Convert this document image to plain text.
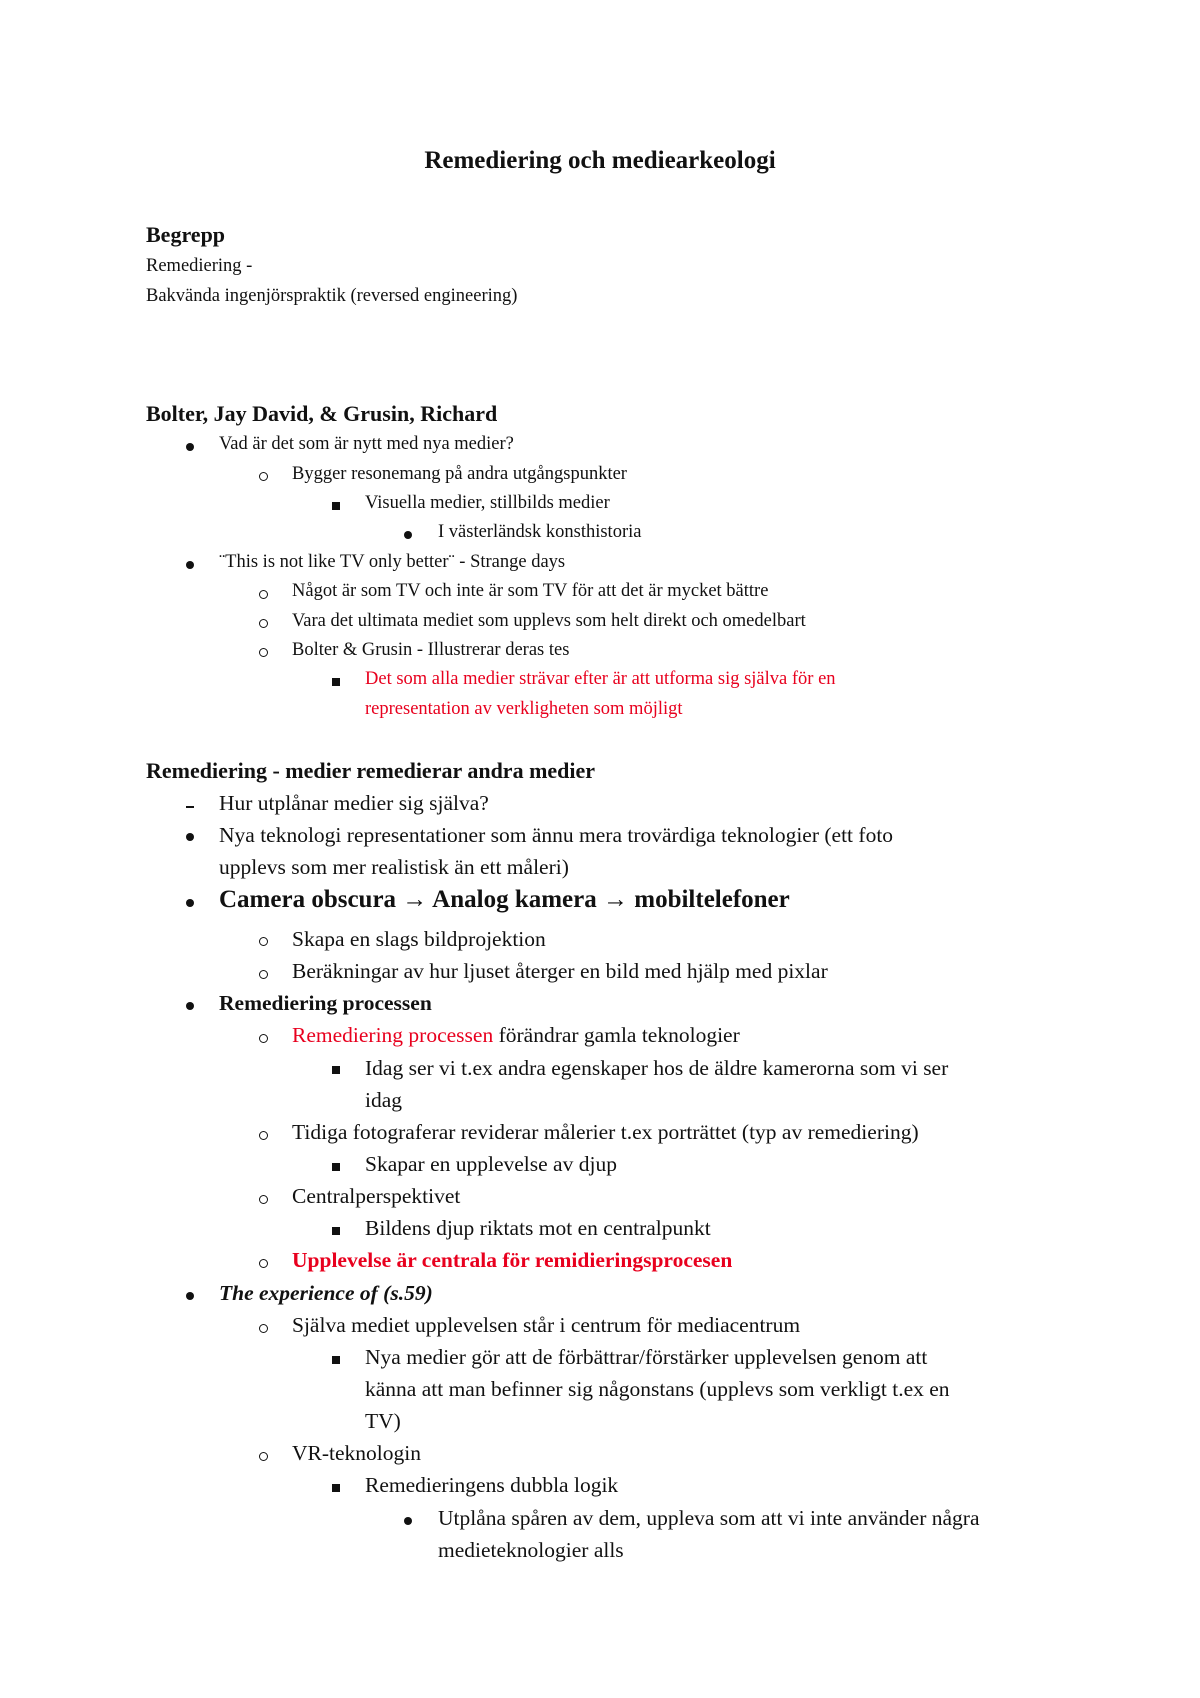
Remediering och mediearkeologi
Begrepp
Remediering -
Bakvända ingenjörspraktik (reversed engineering)
Bolter, Jay David, & Grusin, Richard
Vad är det som är nytt med nya medier?
Bygger resonemang på andra utgångspunkter
Visuella medier, stillbilds medier
I västerländsk konsthistoria
¨This is not like TV only better¨ - Strange days
Något är som TV och inte är som TV för att det är mycket bättre
Vara det ultimata mediet som upplevs som helt direkt och omedelbart
Bolter & Grusin - Illustrerar deras tes
Det som alla medier strävar efter är att utforma sig själva för en
representation av verkligheten som möjligt
Remediering - medier remedierar andra medier
Hur utplånar medier sig själva?
Nya teknologi representationer som ännu mera trovärdiga teknologier (ett foto
upplevs som mer realistisk än ett måleri)
Camera obscura → Analog kamera → mobiltelefoner
Skapa en slags bildprojektion
Beräkningar av hur ljuset återger en bild med hjälp med pixlar
Remediering processen
Remediering processen förändrar gamla teknologier
Idag ser vi t.ex andra egenskaper hos de äldre kamerorna som vi ser
idag
Tidiga fotograferar reviderar målerier t.ex porträttet (typ av remediering)
Skapar en upplevelse av djup
Centralperspektivet
Bildens djup riktats mot en centralpunkt
Upplevelse är centrala för remidieringsprocesen
The experience of (s.59)
Själva mediet upplevelsen står i centrum för mediacentrum
Nya medier gör att de förbättrar/förstärker upplevelsen genom att
känna att man befinner sig någonstans (upplevs som verkligt t.ex en
TV)
VR-teknologin
Remedieringens dubbla logik
Utplåna spåren av dem, uppleva som att vi inte använder några
medieteknologier alls
